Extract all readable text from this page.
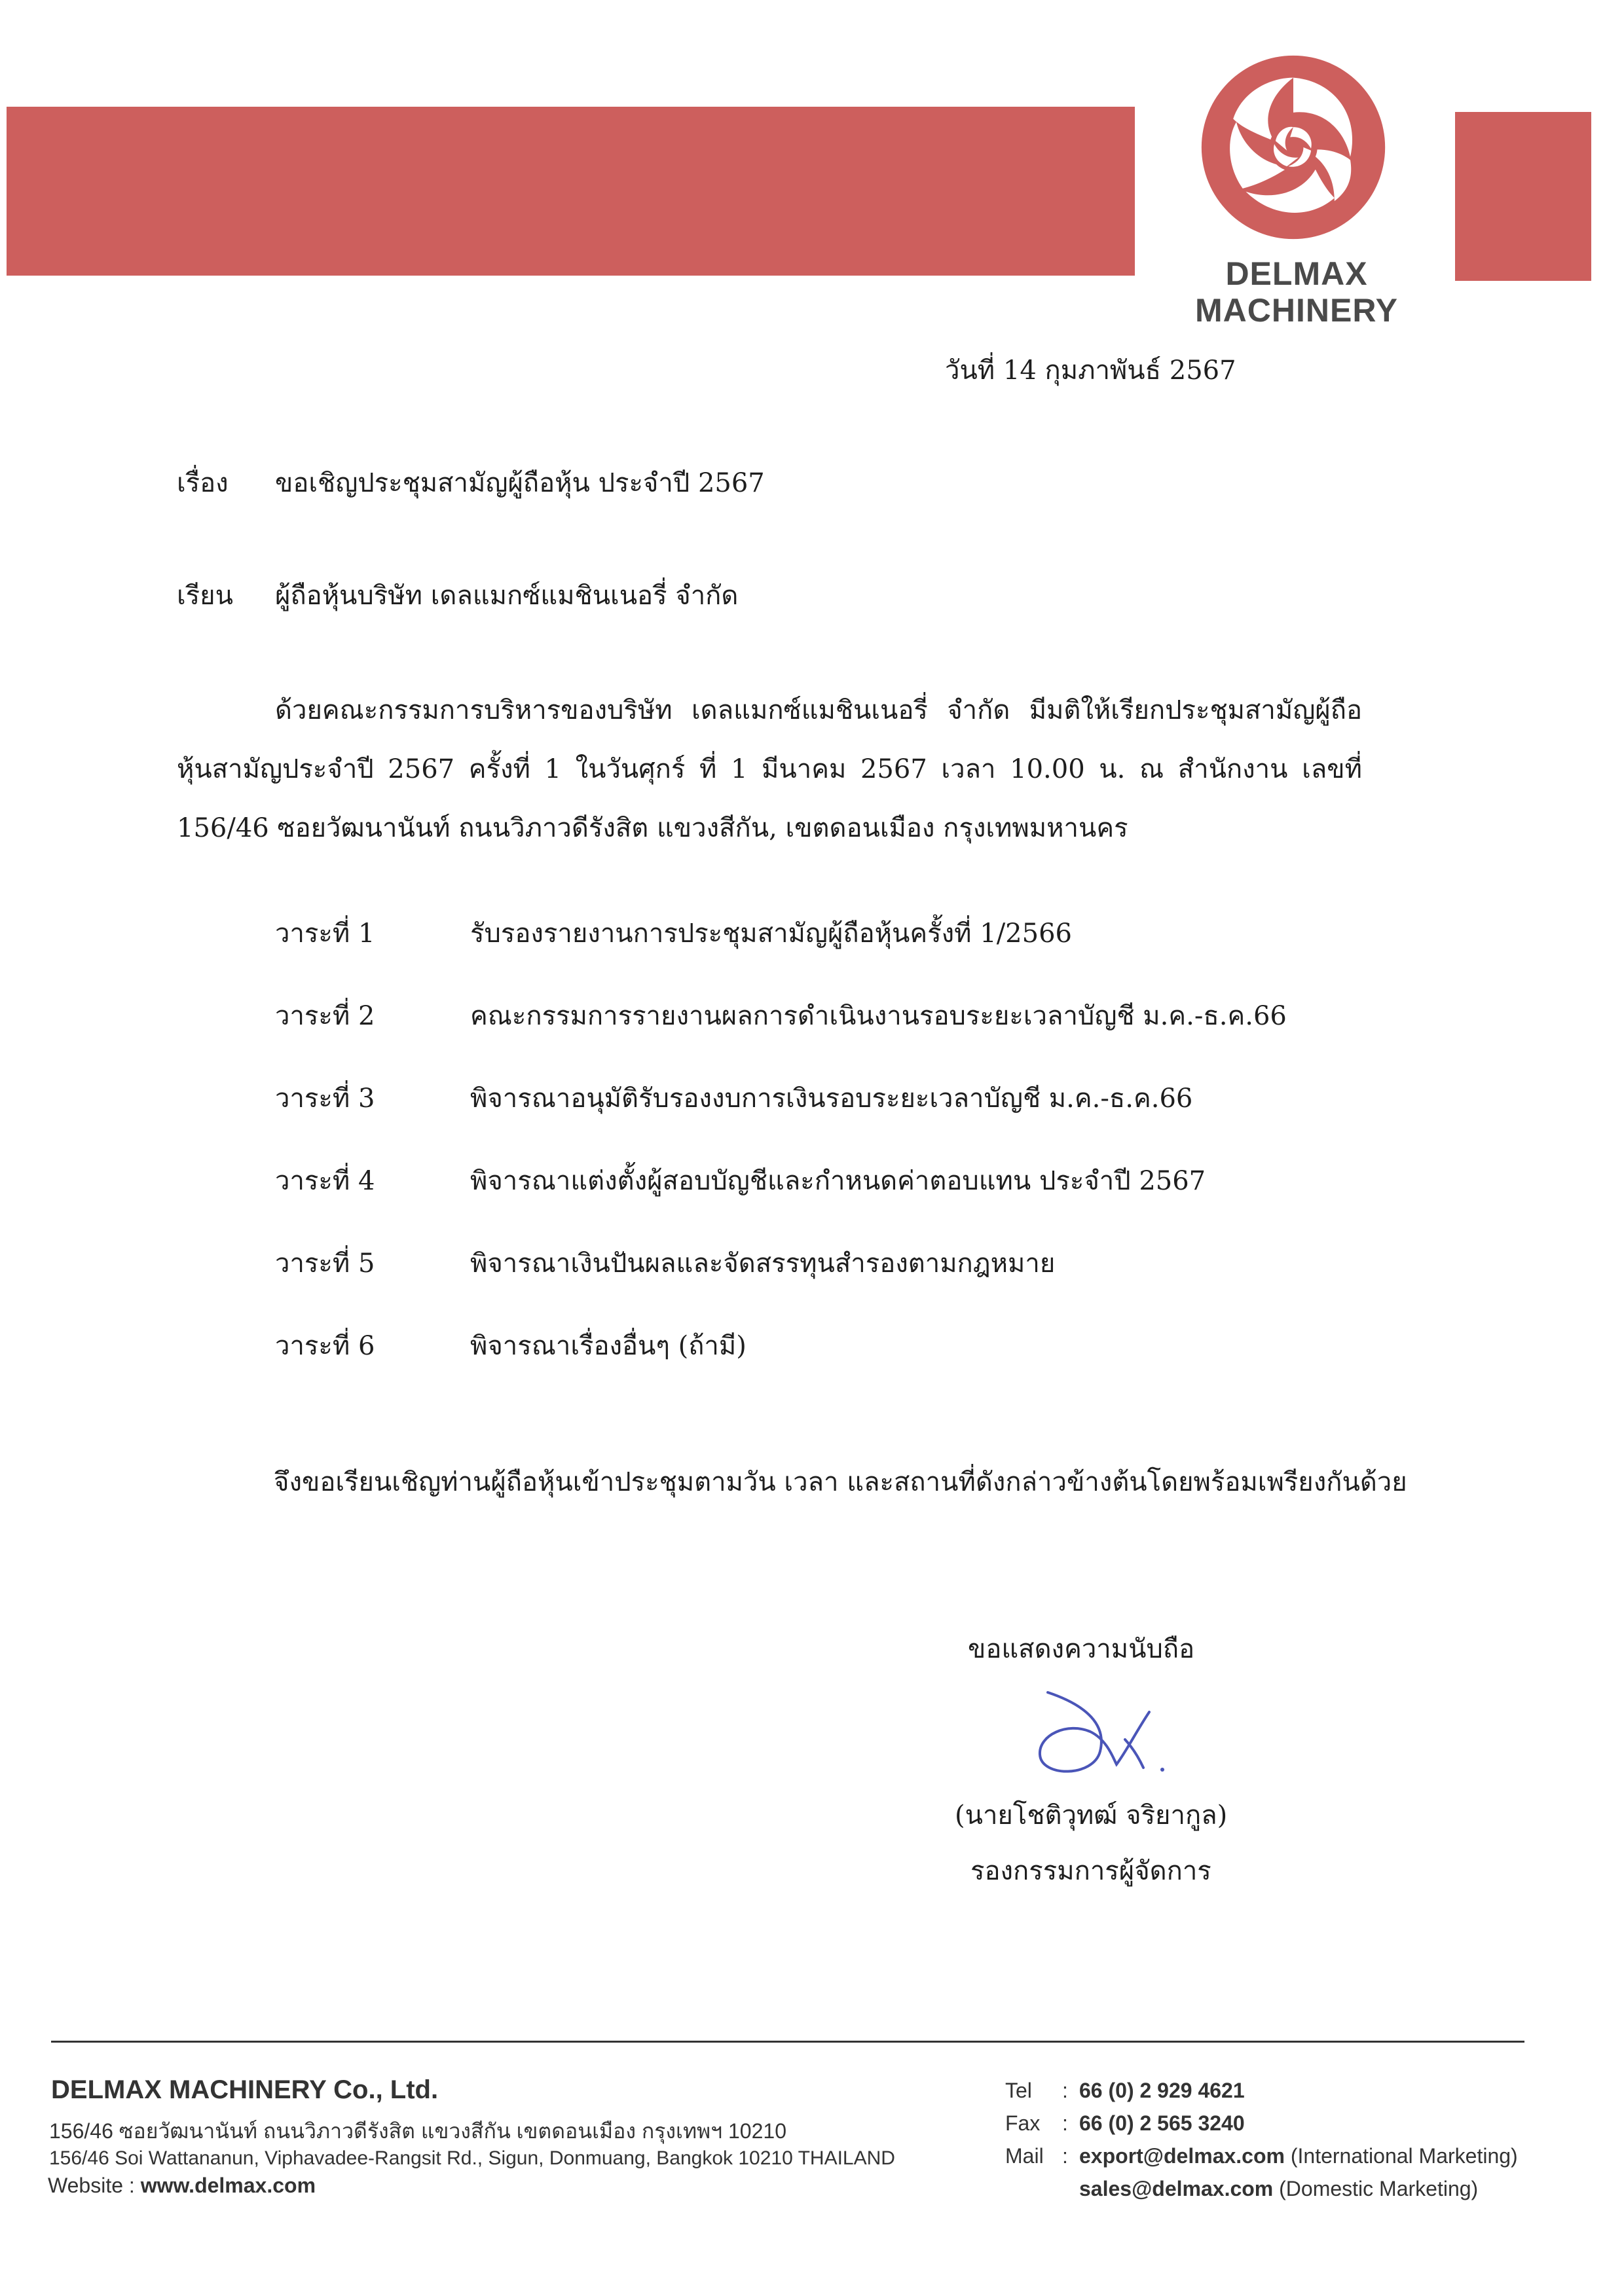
DELMAX
MACHINERY
วันที่ 14 กุมภาพันธ์ 2567
เรื่อง ขอเชิญประชุมสามัญผู้ถือหุ้น ประจำปี 2567
เรียน ผู้ถือหุ้นบริษัท เดลแมกซ์แมชินเนอรี่ จำกัด
ด้วยคณะกรรมการบริหารของบริษัท เดลแมกซ์แมชินเนอรี่ จำกัด มีมติให้เรียกประชุมสามัญผู้ถือหุ้นสามัญประจำปี 2567 ครั้งที่ 1 ในวันศุกร์ ที่ 1 มีนาคม 2567 เวลา 10.00 น. ณ สำนักงาน เลขที่ 156/46 ซอยวัฒนานันท์ ถนนวิภาวดีรังสิต แขวงสีกัน, เขตดอนเมือง กรุงเทพมหานคร
วาระที่ 1	รับรองรายงานการประชุมสามัญผู้ถือหุ้นครั้งที่ 1/2566
วาระที่ 2	คณะกรรมการรายงานผลการดำเนินงานรอบระยะเวลาบัญชี ม.ค.-ธ.ค.66
วาระที่ 3	พิจารณาอนุมัติรับรองงบการเงินรอบระยะเวลาบัญชี ม.ค.-ธ.ค.66
วาระที่ 4	พิจารณาแต่งตั้งผู้สอบบัญชีและกำหนดค่าตอบแทน ประจำปี 2567
วาระที่ 5	พิจารณาเงินปันผลและจัดสรรทุนสำรองตามกฎหมาย
วาระที่ 6	พิจารณาเรื่องอื่นๆ (ถ้ามี)
จึงขอเรียนเชิญท่านผู้ถือหุ้นเข้าประชุมตามวัน เวลา และสถานที่ดังกล่าวข้างต้นโดยพร้อมเพรียงกันด้วย
ขอแสดงความนับถือ
(นายโชติวุทฒ์ จริยากูล)
รองกรรมการผู้จัดการ
DELMAX MACHINERY Co., Ltd.
156/46 ซอยวัฒนานันท์ ถนนวิภาวดีรังสิต แขวงสีกัน เขตดอนเมือง กรุงเทพฯ 10210
156/46 Soi Wattananun, Viphavadee-Rangsit Rd., Sigun, Donmuang, Bangkok 10210 THAILAND
Website : www.delmax.com
Tel : 66 (0) 2 929 4621
Fax : 66 (0) 2 565 3240
Mail : export@delmax.com (International Marketing)
sales@delmax.com (Domestic Marketing)
